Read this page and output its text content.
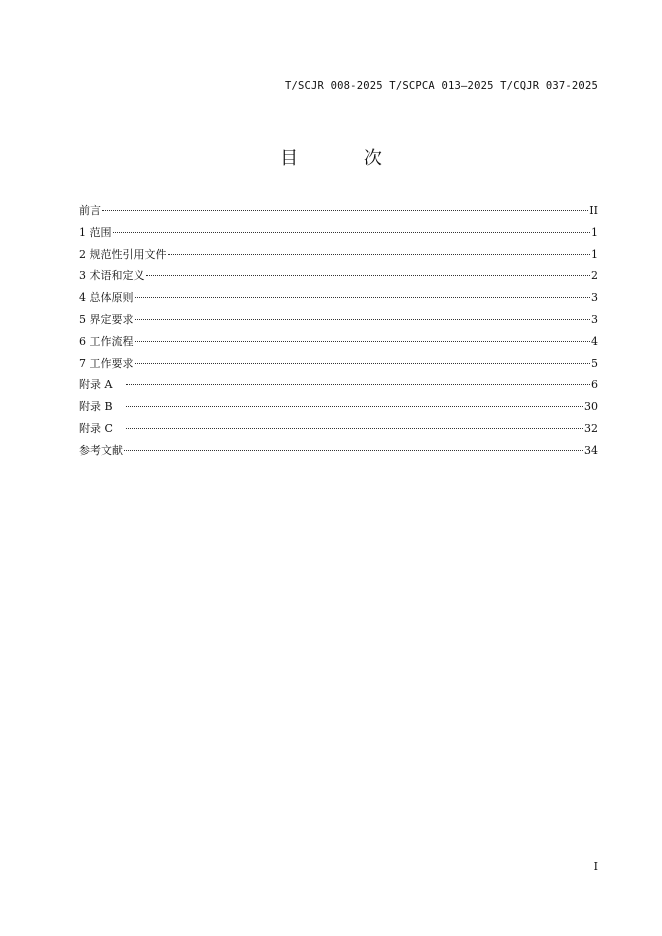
T/SCJR 008-2025 T/SCPCA 013—2025 T/CQJR 037-2025
目 次
前言	II
1 范围	1
2 规范性引用文件	1
3 术语和定义	2
4 总体原则	3
5 界定要求	3
6 工作流程	4
7 工作要求	5
附录 A	6
附录 B	30
附录 C	32
参考文献	34
I
